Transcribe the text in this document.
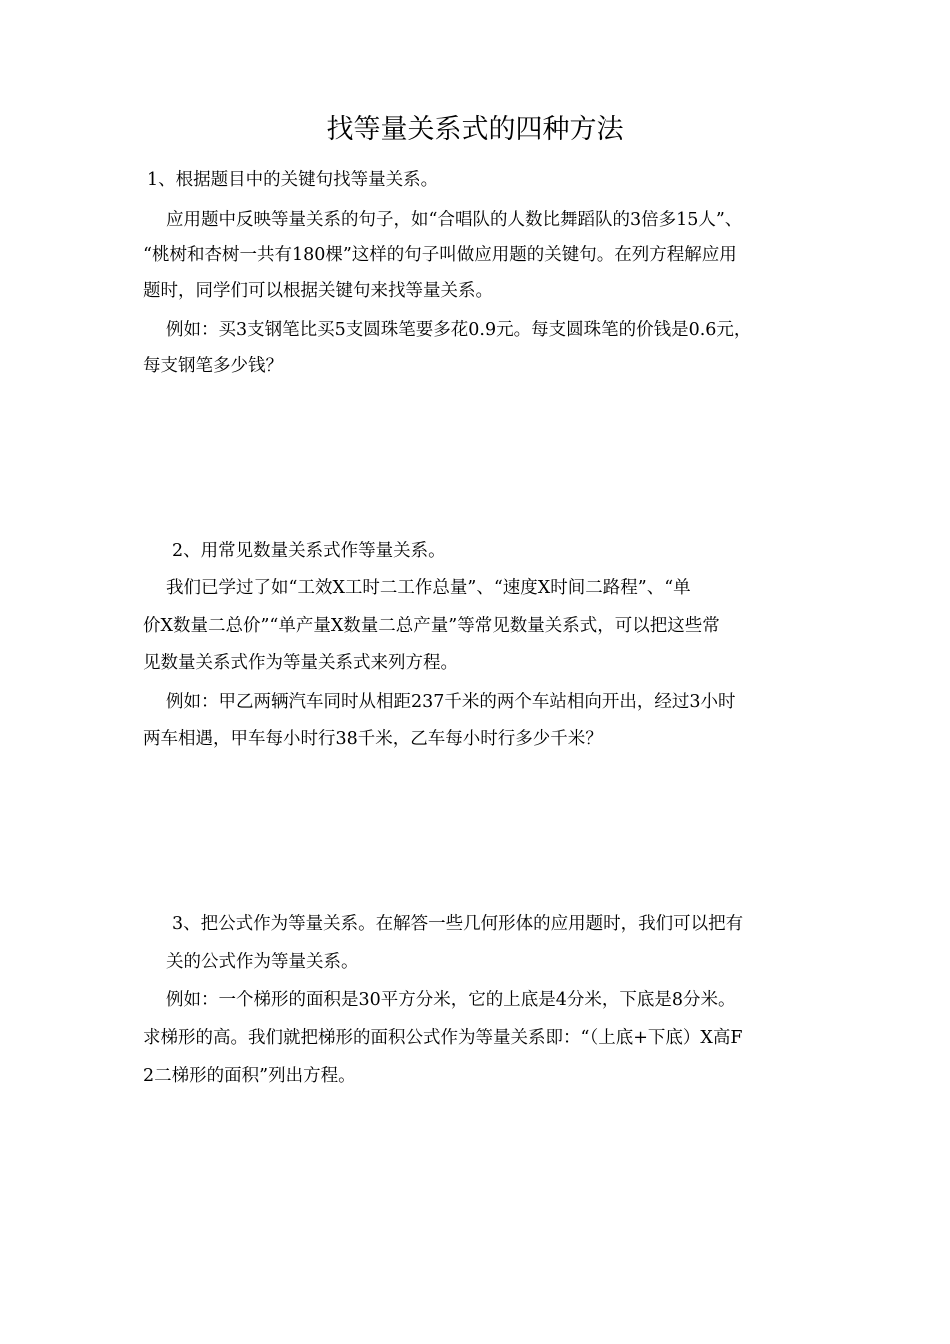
找等量关系式的四种方法
1、根据题目中的关键句找等量关系。
应用题中反映等量关系的句子，如“合唱队的人数比舞蹈队的3倍多15人”、
“桃树和杏树一共有180棵”这样的句子叫做应用题的关键句。在列方程解应用
题时，同学们可以根据关键句来找等量关系。
例如：买3支钢笔比买5支圆珠笔要多花0.9元。每支圆珠笔的价钱是0.6元，
每支钢笔多少钱？
2、用常见数量关系式作等量关系。
我们已学过了如“工效X工时二工作总量”、“速度X时间二路程”、“单
价X数量二总价”“单产量X数量二总产量”等常见数量关系式，可以把这些常
见数量关系式作为等量关系式来列方程。
例如：甲乙两辆汽车同时从相距237千米的两个车站相向开出，经过3小时
两车相遇，甲车每小时行38千米，乙车每小时行多少千米？
3、把公式作为等量关系。在解答一些几何形体的应用题时，我们可以把有
关的公式作为等量关系。
例如：一个梯形的面积是30平方分米，它的上底是4分米，下底是8分米。
求梯形的高。我们就把梯形的面积公式作为等量关系即：“（上底+下底）X高F
2二梯形的面积”列出方程。
